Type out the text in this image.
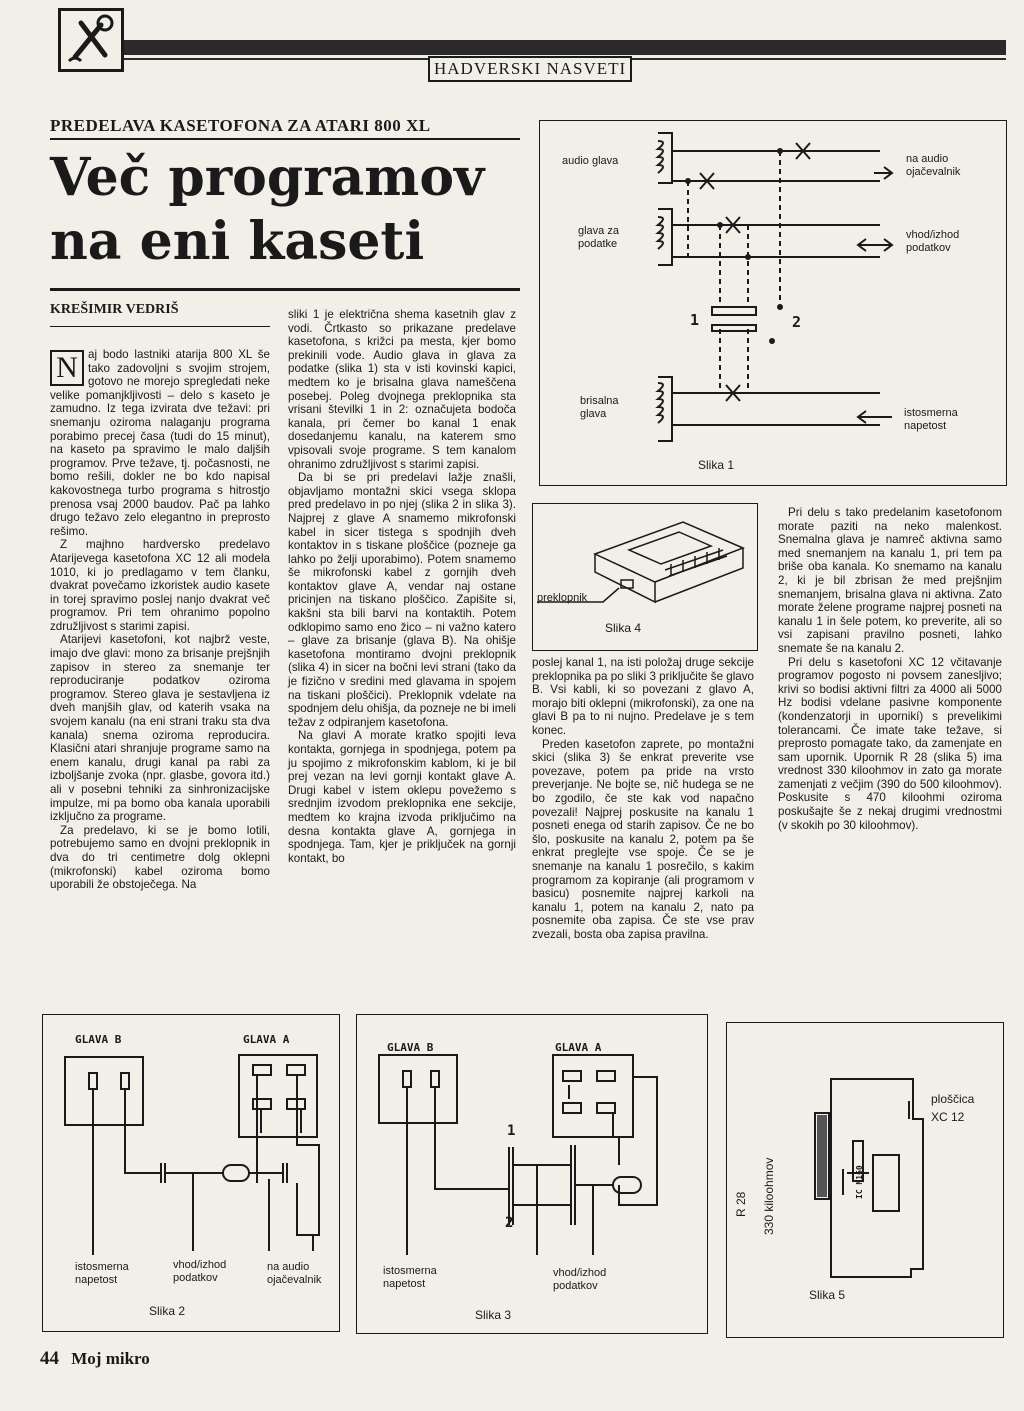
HADVERSKI NASVETI
PREDELAVA KASETOFONA ZA ATARI 800 XL
Več programov
na eni kaseti
KREŠIMIR VEDRIŠ
N aj bodo lastniki atarija 800 XL še tako zadovoljni s svojim strojem, gotovo ne morejo spregledati neke velike pomanjkljivosti – delo s kaseto je zamudno. Iz tega izvirata dve težavi: pri snemanju oziroma nalaganju programa porabimo precej časa (tudi do 15 minut), na kaseto pa spravimo le malo daljših programov. Prve težave, tj. počasnosti, ne bomo rešili, dokler ne bo kdo napisal kakovostnega turbo programa s hitrostjo prenosa vsaj 2000 baudov. Pač pa lahko drugo težavo zelo elegantno in preprosto rešimo.

Z majhno hardversko predelavo Atarijevega kasetofona XC 12 ali modela 1010, ki jo predlagamo v tem članku, dvakrat povečamo izkoristek audio kasete in torej spravimo poslej nanjo dvakrat več programov. Pri tem ohranimo popolno združljivost s starimi zapisi.

Atarijevi kasetofoni, kot najbrž veste, imajo dve glavi: mono za brisanje prejšnjih zapisov in stereo za snemanje ter reproduciranje podatkov oziroma programov. Stereo glava je sestavljena iz dveh manjših glav, od katerih vsaka na svojem kanalu (na eni strani traku sta dva kanala) snema oziroma reproducira. Klasični atari shranjuje programe samo na enem kanalu, drugi kanal pa rabi za izboljšanje zvoka (npr. glasbe, govora itd.) ali v posebni tehniki za sinhronizacijske impulze, mi pa bomo oba kanala uporabili izključno za programe.

Za predelavo, ki se je bomo lotili, potrebujemo samo en dvojni preklopnik in dva do tri centimetre dolg oklepni (mikrofonski) kabel oziroma bomo uporabili že obstoječega. Na

sliki 1 je električna shema kasetnih glav z vodi. Črtkasto so prikazane predelave kasetofona, s križci pa mesta, kjer bomo prekinili vode. Audio glava in glava za podatke (slika 1) sta v isti kovinski kapici, medtem ko je brisalna glava nameščena posebej. Poleg dvojnega preklopnika sta vrisani številki 1 in 2: označujeta bodoča kanala, pri čemer bo kanal 1 enak dosedanjemu kanalu, na katerem smo vpisovali svoje programe. S tem kanalom ohranimo združljivost s starimi zapisi.

Da bi se pri predelavi lažje znašli, objavljamo montažni skici vsega sklopa pred predelavo in po njej (slika 2 in slika 3). Najprej z glave A snamemo mikrofonski kabel in sicer tistega s spodnjih dveh kontaktov in s tiskane ploščice (pozneje ga lahko po želji uporabimo). Potem snamemo še mikrofonski kabel z gornjih dveh kontaktov glave A, vendar naj ostane pricinjen na tiskano ploščico. Zapišite si, kakšni sta bili barvi na kontaktih. Potem odklopimo samo eno žico – ni važno katero – glave za brisanje (glava B). Na ohišje kasetofona montiramo dvojni preklopnik (slika 4) in sicer na bočni levi strani (tako da je fizično v sredini med glavama in spojem na tiskani ploščici). Preklopnik vdelate na spodnjem delu ohišja, da pozneje ne bi imeli težav z odpiranjem kasetofona.

Na glavi A morate kratko spojiti leva kontakta, gornjega in spodnjega, potem pa ju spojimo z mikrofonskim kablom, ki je bil prej vezan na levi gornji kontakt glave A. Drugi kabel v istem oklepu povežemo s srednjim izvodom preklopnika ene sekcije, medtem ko krajna izvoda priključimo na desna kontakta glave A, gornjega in spodnjega. Tam, kjer je priključek na gornji kontakt, bo

poslej kanal 1, na isti položaj druge sekcije preklopnika pa po sliki 3 priključite še glavo B. Vsi kabli, ki so povezani z glavo A, morajo biti oklepni (mikrofonski), za one na glavi B pa to ni nujno. Predelave je s tem konec.

Preden kasetofon zaprete, po montažni skici (slika 3) še enkrat preverite vse povezave, potem pa pride na vrsto preverjanje. Ne bojte se, nič hudega se ne bo zgodilo, če ste kak vod napačno povezali! Najprej poskusite na kanalu 1 posneti enega od starih zapisov. Če ne bo šlo, poskusite na kanalu 2, potem pa še enkrat preglejte vse spoje. Če se je snemanje na kanalu 1 posrečilo, s kakim programom za kopiranje (ali programom v basicu) posnemite najprej karkoli na kanalu 1, potem na kanalu 2, nato pa posnemite oba zapisa. Če ste vse prav zvezali, bosta oba zapisa pravilna.

Pri delu s tako predelanim kasetofonom morate paziti na neko malenkost. Snemalna glava je namreč aktivna samo med snemanjem na kanalu 1, pri tem pa briše oba kanala. Ko snemamo na kanalu 2, ki je bil zbrisan že med prejšnjim snemanjem, brisalna glava ni aktivna. Zato morate želene programe najprej posneti na kanalu 1 in šele potem, ko preverite, ali so vsi zapisani pravilno posneti, lahko snemate še na kanalu 2.

Pri delu s kasetofoni XC 12 včitavanje programov pogosto ni povsem zanesljivo; krivi so bodisi aktivni filtri za 4000 ali 5000 Hz bodisi vdelane pasivne komponente (kondenzatorji in upornikí) s prevelikimi tolerancami. Če imate take težave, si preprosto pomagate tako, da zamenjate en sam upornik. Upornik R 28 (slika 5) ima vrednost 330 kiloohmov in zato ga morate zamenjati z večjim (390 do 500 kiloohmov). Poskusite s 470 kiloohmi oziroma poskušajte še z nekaj drugimi vrednostmi (v skokih po 30 kiloohmov).

audio glava
glava za podatke
brisalna glava
na audio ojačevalnik
vhod/izhod podatkov
istosmerna napetost
1	2
Slika 1
preklopnik
Slika 4
GLAVA B	GLAVA A
istosmerna napetost
vhod/izhod podatkov
na audio ojačevalnik
Slika 2
GLAVA B	GLAVA A
1
2
istosmerna napetost
vhod/izhod podatkov
Slika 3
ploščica
XC 12
R 28 330 kiloohmov	IC M160
Slika 5
44 Moj mikro
